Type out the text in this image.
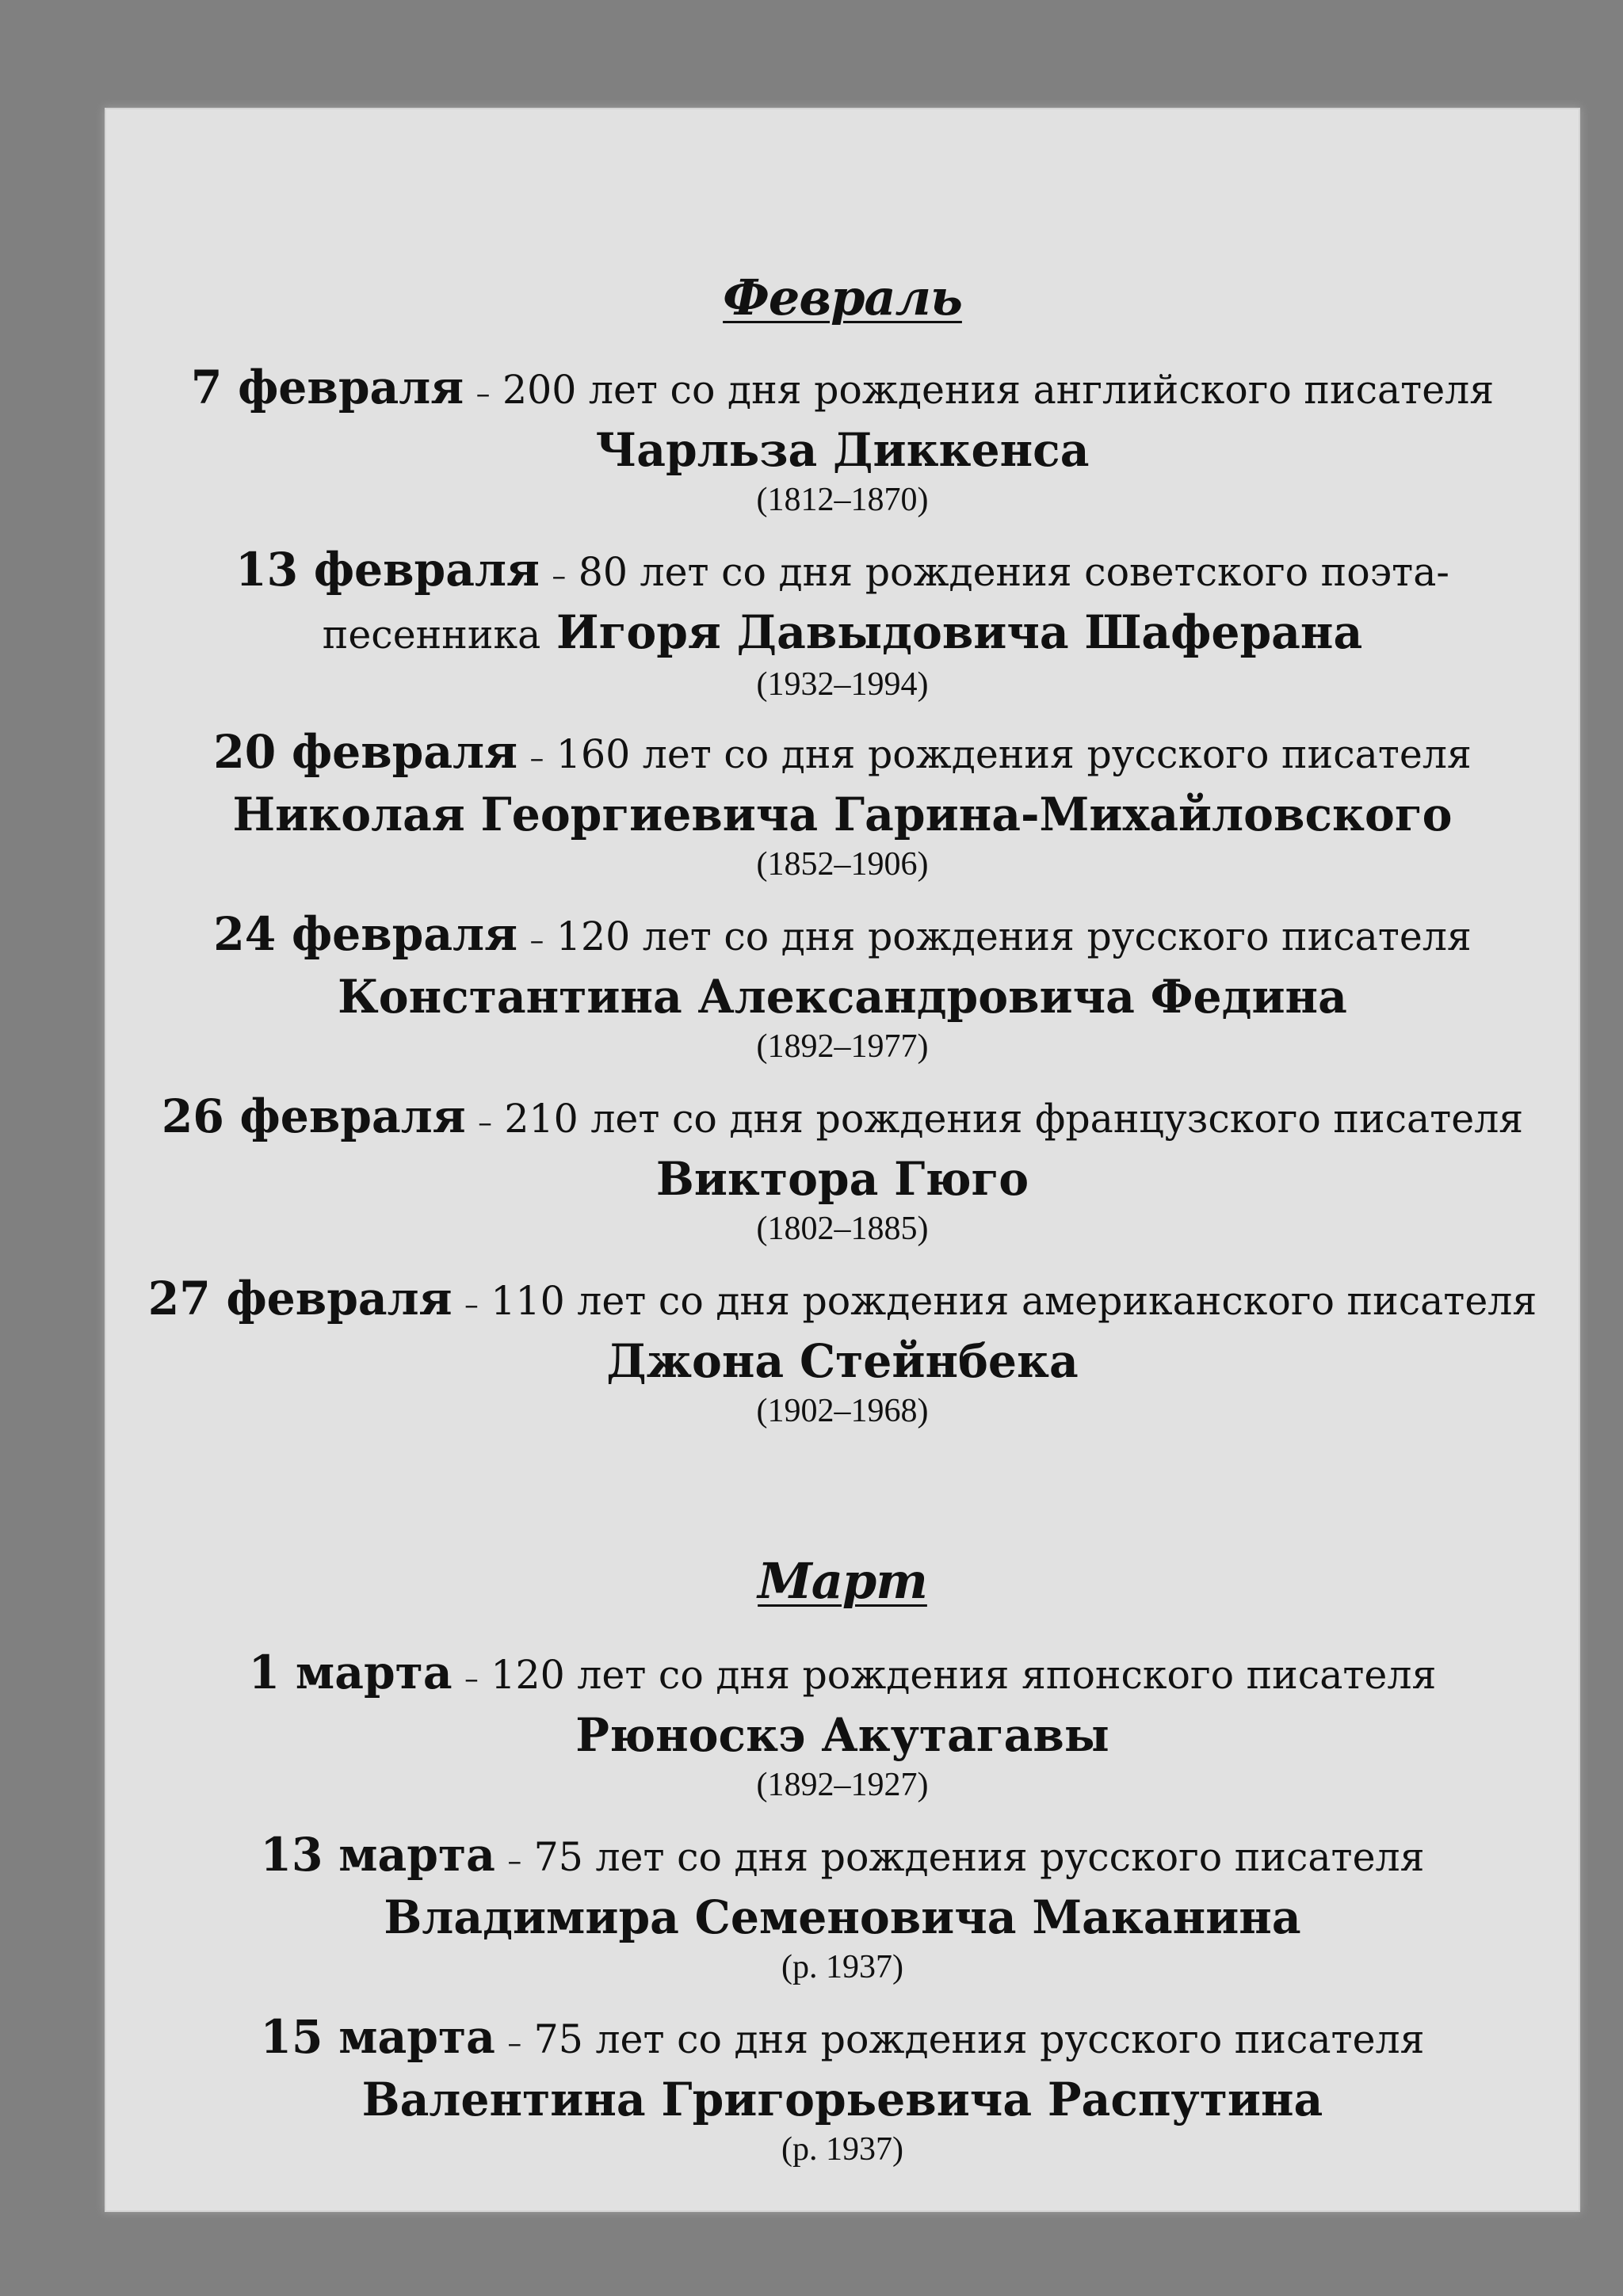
Февраль
7 февраля – 200 лет со дня рождения английского писателя
Чарльза Диккенса
(1812–1870)
13 февраля – 80 лет со дня рождения советского поэта-
песенника Игоря Давыдовича Шаферана
(1932–1994)
20 февраля – 160 лет со дня рождения русского писателя
Николая Георгиевича Гарина-Михайловского
(1852–1906)
24 февраля – 120 лет со дня рождения русского писателя
Константина Александровича Федина
(1892–1977)
26 февраля – 210 лет со дня рождения французского писателя
Виктора Гюго
(1802–1885)
27 февраля – 110 лет со дня рождения американского писателя
Джона Стейнбека
(1902–1968)
Март
1 марта – 120 лет со дня рождения японского писателя
Рюноскэ Акутагавы
(1892–1927)
13 марта – 75 лет со дня рождения русского писателя
Владимира Семеновича Маканина
(р. 1937)
15 марта – 75 лет со дня рождения русского писателя
Валентина Григорьевича Распутина
(р. 1937)
